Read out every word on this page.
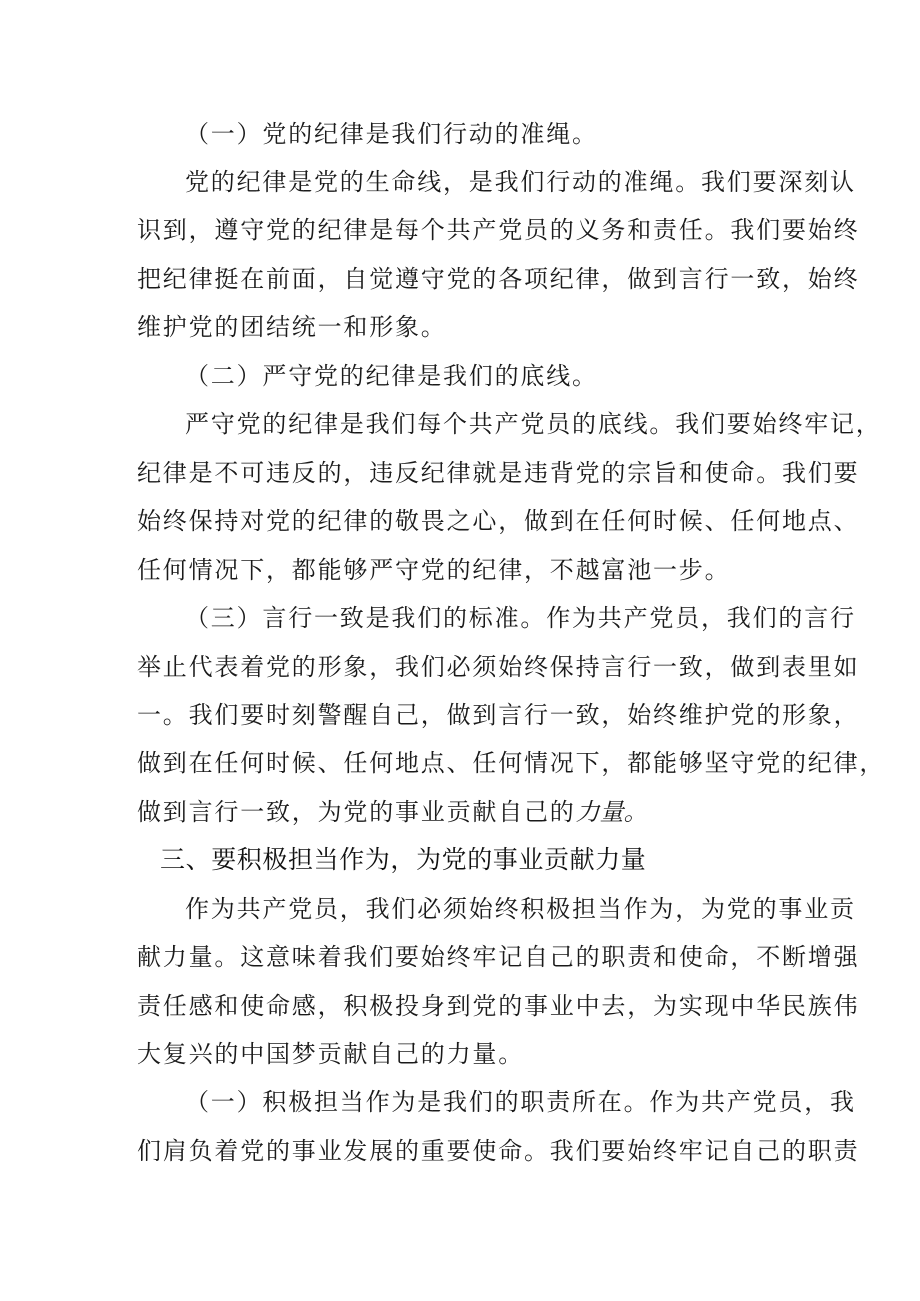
（一）党的纪律是我们行动的准绳。
党的纪律是党的生命线，是我们行动的准绳。我们要深刻认
识到，遵守党的纪律是每个共产党员的义务和责任。我们要始终
把纪律挺在前面，自觉遵守党的各项纪律，做到言行一致，始终
维护党的团结统一和形象。
（二）严守党的纪律是我们的底线。
严守党的纪律是我们每个共产党员的底线。我们要始终牢记，
纪律是不可违反的，违反纪律就是违背党的宗旨和使命。我们要
始终保持对党的纪律的敬畏之心，做到在任何时候、任何地点、
任何情况下，都能够严守党的纪律，不越富池一步。
（三）言行一致是我们的标准。作为共产党员，我们的言行
举止代表着党的形象，我们必须始终保持言行一致，做到表里如
一。我们要时刻警醒自己，做到言行一致，始终维护党的形象，
做到在任何时候、任何地点、任何情况下，都能够坚守党的纪律，
做到言行一致，为党的事业贡献自己的力量。
三、要积极担当作为，为党的事业贡献力量
作为共产党员，我们必须始终积极担当作为，为党的事业贡
献力量。这意味着我们要始终牢记自己的职责和使命，不断增强
责任感和使命感，积极投身到党的事业中去，为实现中华民族伟
大复兴的中国梦贡献自己的力量。
（一）积极担当作为是我们的职责所在。作为共产党员，我
们肩负着党的事业发展的重要使命。我们要始终牢记自己的职责
